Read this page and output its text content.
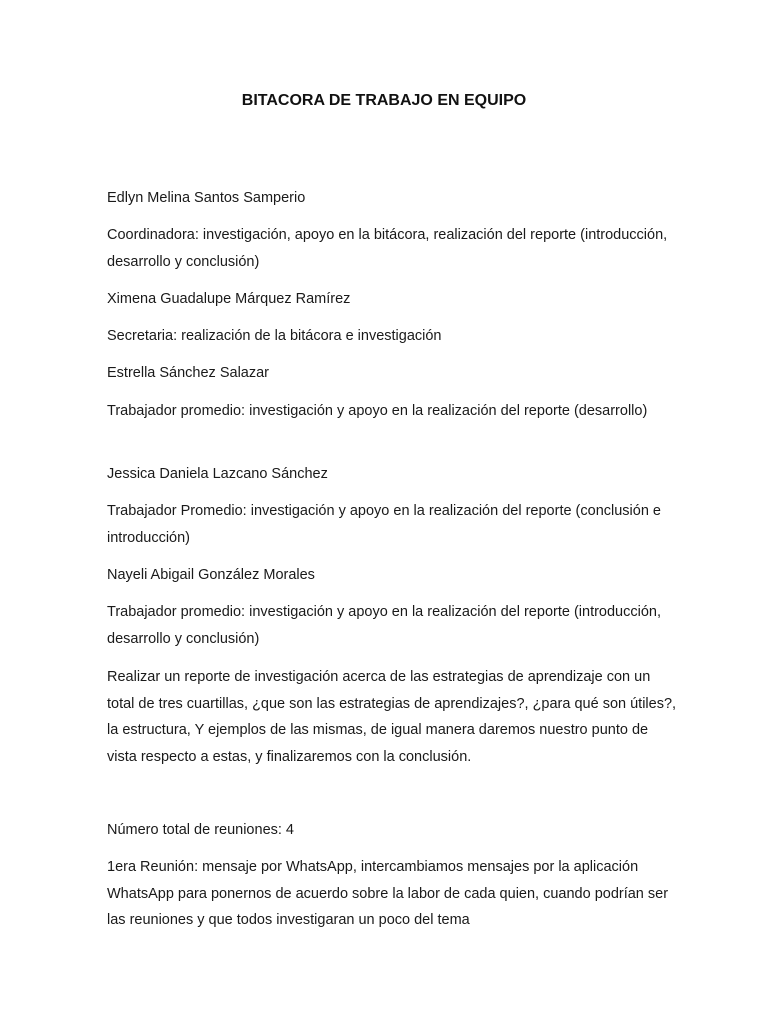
BITACORA DE TRABAJO EN EQUIPO
Edlyn Melina Santos Samperio
Coordinadora: investigación, apoyo en la bitácora, realización del reporte (introducción, desarrollo y conclusión)
Ximena Guadalupe Márquez Ramírez
Secretaria: realización de la bitácora e investigación
Estrella Sánchez Salazar
Trabajador promedio: investigación y apoyo en la realización del reporte (desarrollo)
Jessica Daniela Lazcano Sánchez
Trabajador Promedio: investigación y apoyo en la realización del reporte (conclusión e introducción)
Nayeli Abigail González Morales
Trabajador promedio: investigación y apoyo en la realización del reporte (introducción, desarrollo y conclusión)
Realizar un reporte de investigación acerca de las estrategias de aprendizaje con un total de tres cuartillas, ¿que son las estrategias de aprendizajes?, ¿para qué son útiles?, la estructura, Y ejemplos de las mismas, de igual manera daremos nuestro punto de vista respecto a estas, y finalizaremos con la conclusión.
Número total de reuniones: 4
1era Reunión: mensaje por WhatsApp, intercambiamos mensajes por la aplicación WhatsApp para ponernos de acuerdo sobre la labor de cada quien, cuando podrían ser las reuniones y que todos investigaran un poco del tema
